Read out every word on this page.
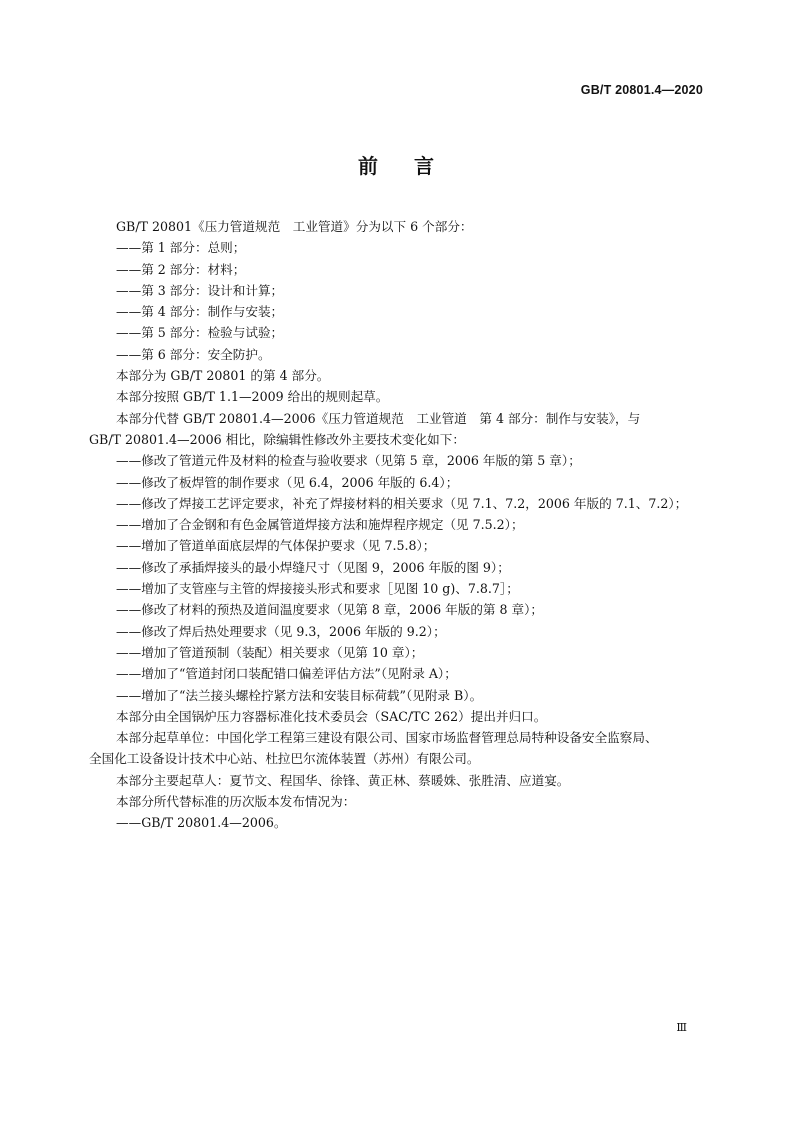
GB/T 20801.4—2020
前 言
GB/T 20801《压力管道规范　工业管道》分为以下 6 个部分：
——第 1 部分：总则；
——第 2 部分：材料；
——第 3 部分：设计和计算；
——第 4 部分：制作与安装；
——第 5 部分：检验与试验；
——第 6 部分：安全防护。
本部分为 GB/T 20801 的第 4 部分。
本部分按照 GB/T 1.1—2009 给出的规则起草。
本部分代替 GB/T 20801.4—2006《压力管道规范　工业管道　第 4 部分：制作与安装》，与
GB/T 20801.4—2006 相比，除编辑性修改外主要技术变化如下：
——修改了管道元件及材料的检查与验收要求（见第 5 章，2006 年版的第 5 章）；
——修改了板焊管的制作要求（见 6.4，2006 年版的 6.4）；
——修改了焊接工艺评定要求，补充了焊接材料的相关要求（见 7.1、7.2，2006 年版的 7.1、7.2）；
——增加了合金钢和有色金属管道焊接方法和施焊程序规定（见 7.5.2）；
——增加了管道单面底层焊的气体保护要求（见 7.5.8）；
——修改了承插焊接头的最小焊缝尺寸（见图 9，2006 年版的图 9）；
——增加了支管座与主管的焊接接头形式和要求［见图 10 g)、7.8.7］；
——修改了材料的预热及道间温度要求（见第 8 章，2006 年版的第 8 章）；
——修改了焊后热处理要求（见 9.3，2006 年版的 9.2）；
——增加了管道预制（装配）相关要求（见第 10 章）；
——增加了“管道封闭口装配错口偏差评估方法”（见附录 A）；
——增加了“法兰接头螺栓拧紧方法和安装目标荷载”（见附录 B）。
本部分由全国锅炉压力容器标准化技术委员会（SAC/TC 262）提出并归口。
本部分起草单位：中国化学工程第三建设有限公司、国家市场监督管理总局特种设备安全监察局、
全国化工设备设计技术中心站、杜拉巴尔流体装置（苏州）有限公司。
本部分主要起草人：夏节文、程国华、徐锋、黄正林、蔡暖姝、张胜清、应道宴。
本部分所代替标准的历次版本发布情况为：
——GB/T 20801.4—2006。
Ⅲ
